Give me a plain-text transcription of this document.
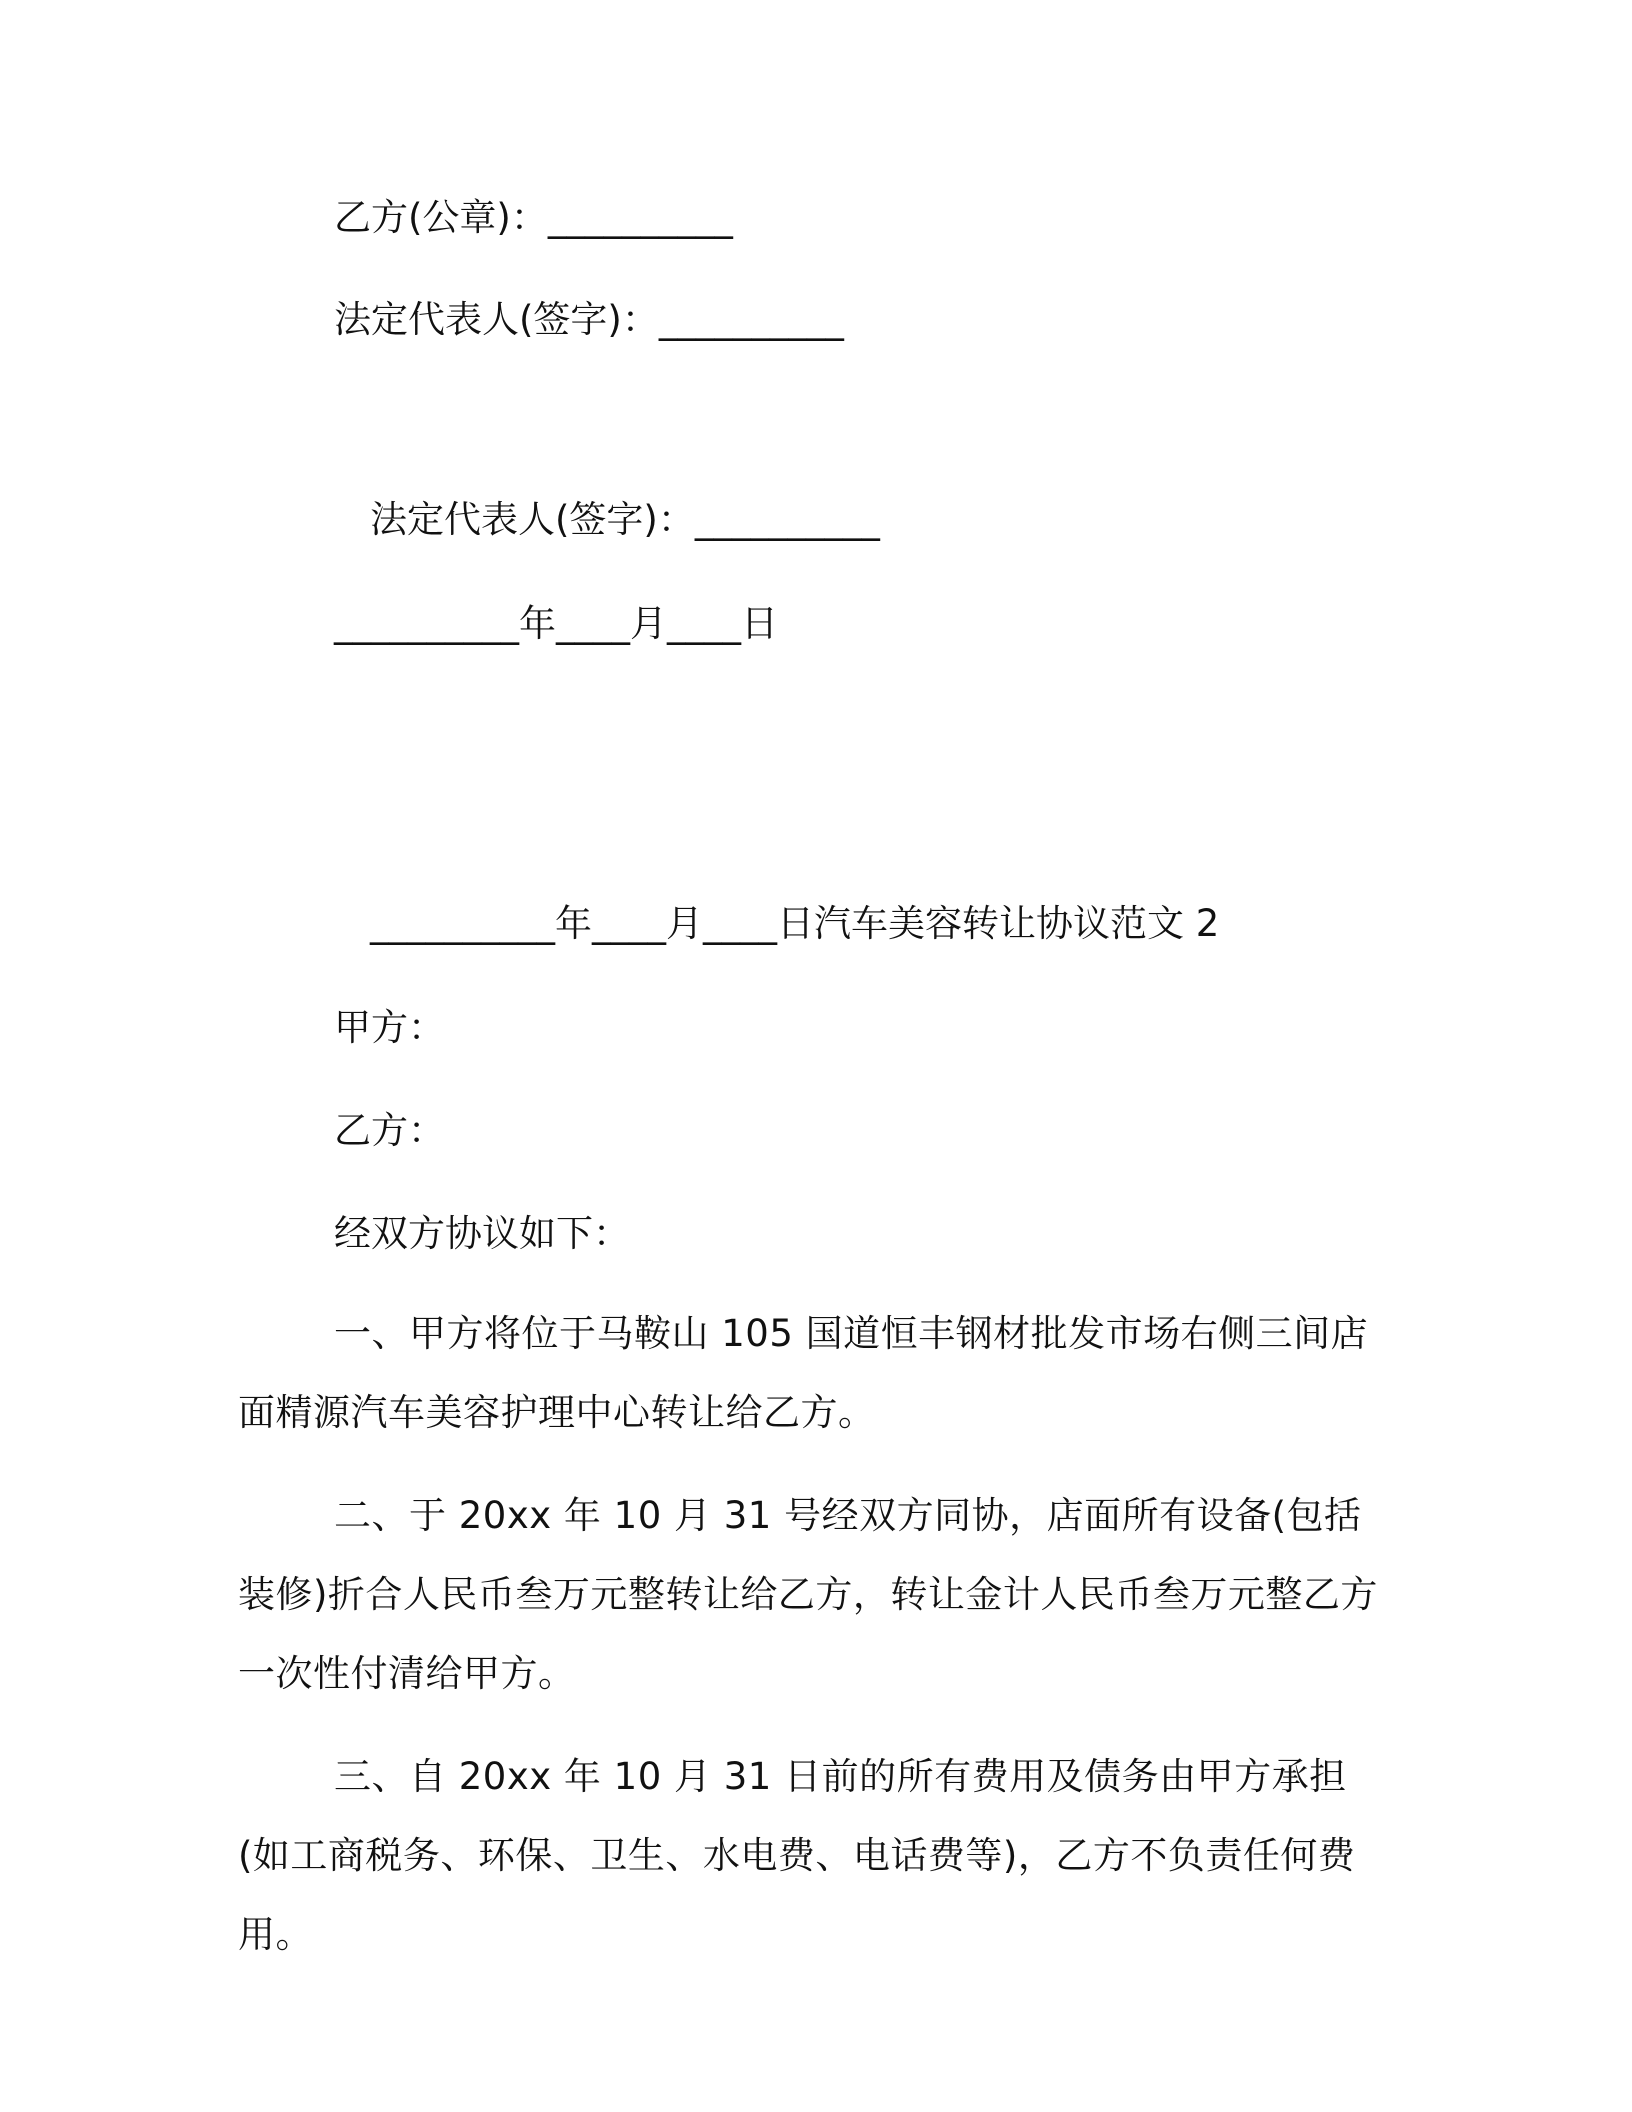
乙方(公章)：__________
法定代表人(签字)：__________
法定代表人(签字)：__________
__________年____月____日
__________年____月____日汽车美容转让协议范文 2
甲方：
乙方：
经双方协议如下：
一、甲方将位于马鞍山 105 国道恒丰钢材批发市场右侧三间店面精源汽车美容护理中心转让给乙方。
二、于 20xx 年 10 月 31 号经双方同协，店面所有设备(包括装修)折合人民币叁万元整转让给乙方，转让金计人民币叁万元整乙方一次性付清给甲方。
三、自 20xx 年 10 月 31 日前的所有费用及债务由甲方承担(如工商税务、环保、卫生、水电费、电话费等)，乙方不负责任何费用。
